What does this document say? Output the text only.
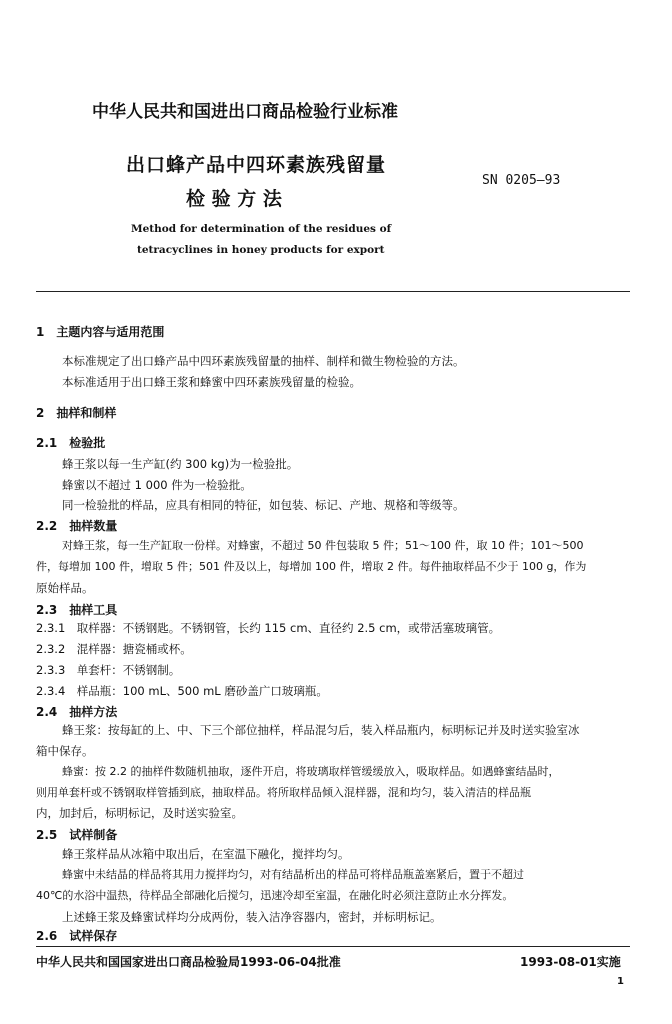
中华人民共和国进出口商品检验行业标准
出口蜂产品中四环素族残留量
检 验 方 法
SN 0205—93
Method for determination of the residues of
tetracyclines in honey products for export
1　主题内容与适用范围
本标准规定了出口蜂产品中四环素族残留量的抽样、制样和微生物检验的方法。
本标准适用于出口蜂王浆和蜂蜜中四环素族残留量的检验。
2　抽样和制样
2.1　检验批
蜂王浆以每一生产缸(约 300 kg)为一检验批。
蜂蜜以不超过 1 000 件为一检验批。
同一检验批的样品，应具有相同的特征，如包装、标记、产地、规格和等级等。
2.2　抽样数量
对蜂王浆，每一生产缸取一份样。对蜂蜜，不超过 50 件包装取 5 件；51～100 件，取 10 件；101～500
件，每增加 100 件，增取 5 件；501 件及以上，每增加 100 件，增取 2 件。每件抽取样品不少于 100 g，作为
原始样品。
2.3　抽样工具
2.3.1　取样器：不锈钢匙。不锈钢管，长约 115 cm、直径约 2.5 cm，或带活塞玻璃管。
2.3.2　混样器：搪瓷桶或杯。
2.3.3　单套杆：不锈钢制。
2.3.4　样品瓶：100 mL、500 mL 磨砂盖广口玻璃瓶。
2.4　抽样方法
蜂王浆：按每缸的上、中、下三个部位抽样，样品混匀后，装入样品瓶内，标明标记并及时送实验室冰
箱中保存。
蜂蜜：按 2.2 的抽样件数随机抽取，逐件开启，将玻璃取样管缓缓放入，吸取样品。如遇蜂蜜结晶时，
则用单套杆或不锈钢取样管插到底，抽取样品。将所取样品倾入混样器，混和均匀，装入清洁的样品瓶
内，加封后，标明标记，及时送实验室。
2.5　试样制备
蜂王浆样品从冰箱中取出后，在室温下融化，搅拌均匀。
蜂蜜中未结晶的样品将其用力搅拌均匀，对有结晶析出的样品可将样品瓶盖塞紧后，置于不超过
40℃的水浴中温热，待样品全部融化后搅匀，迅速冷却至室温，在融化时必须注意防止水分挥发。
上述蜂王浆及蜂蜜试样均分成两份，装入洁净容器内，密封，并标明标记。
2.6　试样保存
中华人民共和国国家进出口商品检验局1993-06-04批准	1993-08-01实施
1
